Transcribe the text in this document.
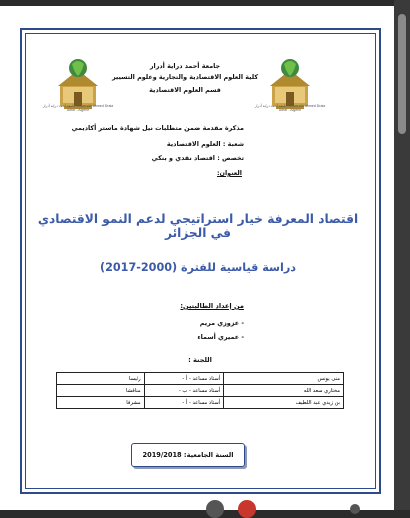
جامعة أحمد دراية أدرار Université Ahmed Draia Adrar - Algérie
جامعة أحمد دراية أدرار Université Ahmed Draia Adrar - Algérie
جامعة أحمد دراية أدرار
كلية العلوم الاقتصادية والتجارية وعلوم التسيير
قسم العلوم الاقتصادية
مذكرة مقدمة ضمن متطلبات نيل شهادة ماستر أكاديمي
شعبة : العلوم الاقتصادية
تخصص : اقتصاد نقدي و بنكي
العنوان:
اقتصاد المعرفة خيار استراتيجي لدعم النمو الاقتصادي في الجزائر
دراسة قياسية للفترة (2000-2017)
من إعداد الطالبتين:
- عزوزي مريم
- عميري أسماء
اللجنة :
منى يونس	أستاذ مساعد - أ -	رئيسا
مختاري سعد الله	أستاذ مساعد - ب -	مناقشا
بن زيدي عبد اللطيف	أستاذ مساعد - أ -	مشرفا
السنة الجامعية: 2019/2018
